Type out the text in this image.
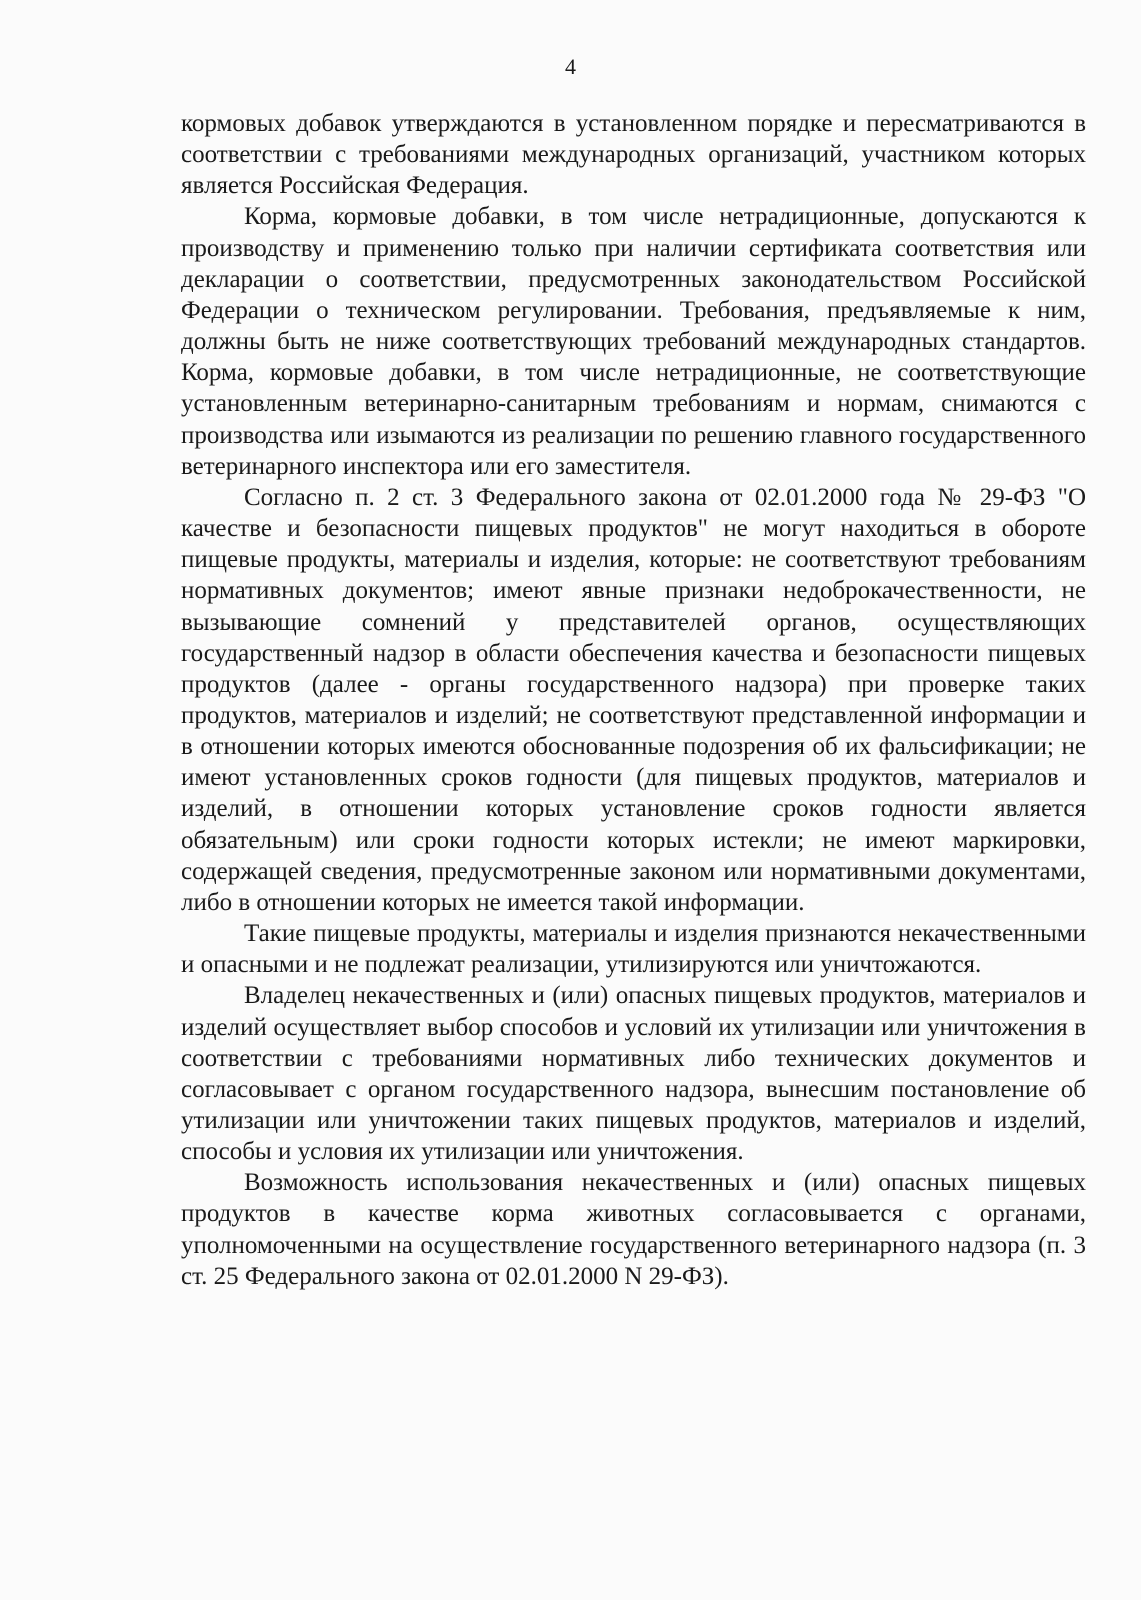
4

кормовых добавок утверждаются в установленном порядке и пересматриваются в соответствии с требованиями международных организаций, участником которых является Российская Федерация.

Корма, кормовые добавки, в том числе нетрадиционные, допускаются к производству и применению только при наличии сертификата соответствия или декларации о соответствии, предусмотренных законодательством Российской Федерации о техническом регулировании. Требования, предъявляемые к ним, должны быть не ниже соответствующих требований международных стандартов. Корма, кормовые добавки, в том числе нетрадиционные, не соответствующие установленным ветеринарно-санитарным требованиям и нормам, снимаются с производства или изымаются из реализации по решению главного государственного ветеринарного инспектора или его заместителя.

Согласно п. 2 ст. 3 Федерального закона от 02.01.2000 года № 29-ФЗ "О качестве и безопасности пищевых продуктов" не могут находиться в обороте пищевые продукты, материалы и изделия, которые: не соответствуют требованиям нормативных документов; имеют явные признаки недоброкачественности, не вызывающие сомнений у представителей органов, осуществляющих государственный надзор в области обеспечения качества и безопасности пищевых продуктов (далее - органы государственного надзора) при проверке таких продуктов, материалов и изделий; не соответствуют представленной информации и в отношении которых имеются обоснованные подозрения об их фальсификации; не имеют установленных сроков годности (для пищевых продуктов, материалов и изделий, в отношении которых установление сроков годности является обязательным) или сроки годности которых истекли; не имеют маркировки, содержащей сведения, предусмотренные законом или нормативными документами, либо в отношении которых не имеется такой информации.

Такие пищевые продукты, материалы и изделия признаются некачественными и опасными и не подлежат реализации, утилизируются или уничтожаются.

Владелец некачественных и (или) опасных пищевых продуктов, материалов и изделий осуществляет выбор способов и условий их утилизации или уничтожения в соответствии с требованиями нормативных либо технических документов и согласовывает с органом государственного надзора, вынесшим постановление об утилизации или уничтожении таких пищевых продуктов, материалов и изделий, способы и условия их утилизации или уничтожения.

Возможность использования некачественных и (или) опасных пищевых продуктов в качестве корма животных согласовывается с органами, уполномоченными на осуществление государственного ветеринарного надзора (п. 3 ст. 25 Федерального закона от 02.01.2000 N 29-ФЗ).
